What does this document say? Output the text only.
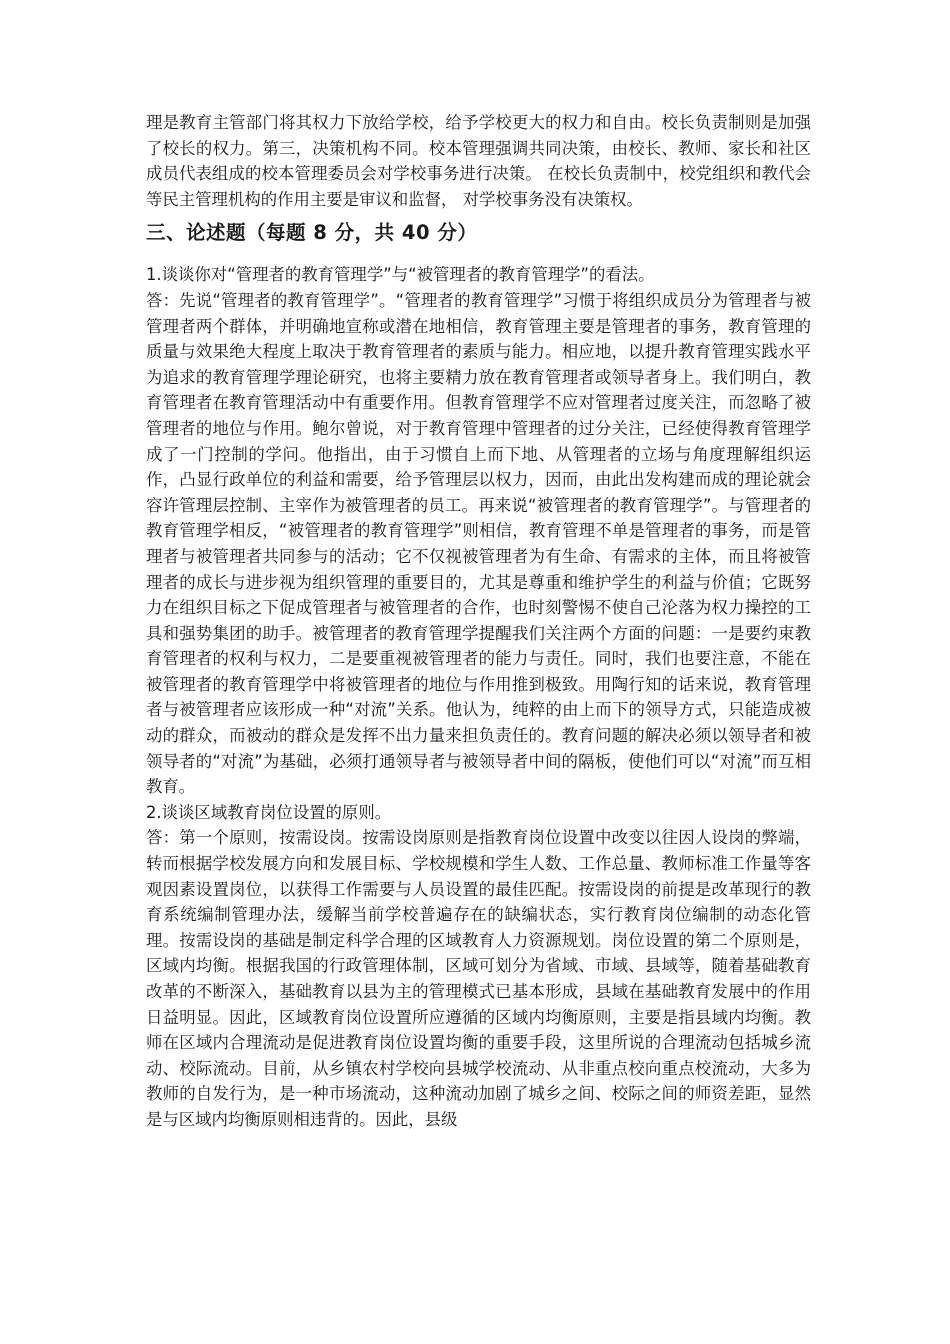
理是教育主管部门将其权力下放给学校，给予学校更大的权力和自由。校长负责制则是加强了校长的权力。第三，决策机构不同。校本管理强调共同决策，由校长、教师、家长和社区成员代表组成的校本管理委员会对学校事务进行决策。 在校长负责制中，校党组织和教代会等民主管理机构的作用主要是审议和监督， 对学校事务没有决策权。

三、论述题（每题 8 分，共 40 分）

1.谈谈你对“管理者的教育管理学”与“被管理者的教育管理学”的看法。

答：先说“管理者的教育管理学”。“管理者的教育管理学”习惯于将组织成员分为管理者与被管理者两个群体，并明确地宣称或潜在地相信，教育管理主要是管理者的事务，教育管理的质量与效果绝大程度上取决于教育管理者的素质与能力。相应地，以提升教育管理实践水平为追求的教育管理学理论研究，也将主要精力放在教育管理者或领导者身上。我们明白，教育管理者在教育管理活动中有重要作用。但教育管理学不应对管理者过度关注，而忽略了被管理者的地位与作用。鲍尔曾说，对于教育管理中管理者的过分关注，已经使得教育管理学成了一门控制的学问。他指出，由于习惯自上而下地、从管理者的立场与角度理解组织运作，凸显行政单位的利益和需要，给予管理层以权力，因而，由此出发构建而成的理论就会容许管理层控制、主宰作为被管理者的员工。再来说“被管理者的教育管理学”。与管理者的教育管理学相反，“被管理者的教育管理学”则相信，教育管理不单是管理者的事务，而是管理者与被管理者共同参与的活动；它不仅视被管理者为有生命、有需求的主体，而且将被管理者的成长与进步视为组织管理的重要目的，尤其是尊重和维护学生的利益与价值；它既努力在组织目标之下促成管理者与被管理者的合作，也时刻警惕不使自己沦落为权力操控的工具和强势集团的助手。被管理者的教育管理学提醒我们关注两个方面的问题：一是要约束教育管理者的权利与权力，二是要重视被管理者的能力与责任。同时，我们也要注意，不能在被管理者的教育管理学中将被管理者的地位与作用推到极致。用陶行知的话来说，教育管理者与被管理者应该形成一种“对流”关系。他认为，纯粹的由上而下的领导方式，只能造成被动的群众，而被动的群众是发挥不出力量来担负责任的。教育问题的解决必须以领导者和被领导者的“对流”为基础，必须打通领导者与被领导者中间的隔板，使他们可以“对流”而互相教育。

2.谈谈区域教育岗位设置的原则。

答：第一个原则，按需设岗。按需设岗原则是指教育岗位设置中改变以往因人设岗的弊端，转而根据学校发展方向和发展目标、学校规模和学生人数、工作总量、教师标准工作量等客观因素设置岗位，以获得工作需要与人员设置的最佳匹配。按需设岗的前提是改革现行的教育系统编制管理办法，缓解当前学校普遍存在的缺编状态，实行教育岗位编制的动态化管理。按需设岗的基础是制定科学合理的区域教育人力资源规划。岗位设置的第二个原则是，区域内均衡。根据我国的行政管理体制，区域可划分为省域、市域、县域等，随着基础教育改革的不断深入，基础教育以县为主的管理模式已基本形成，县域在基础教育发展中的作用日益明显。因此，区域教育岗位设置所应遵循的区域内均衡原则，主要是指县域内均衡。教师在区域内合理流动是促进教育岗位设置均衡的重要手段，这里所说的合理流动包括城乡流动、校际流动。目前，从乡镇农村学校向县城学校流动、从非重点校向重点校流动，大多为教师的自发行为，是一种市场流动，这种流动加剧了城乡之间、校际之间的师资差距，显然是与区域内均衡原则相违背的。因此，县级
